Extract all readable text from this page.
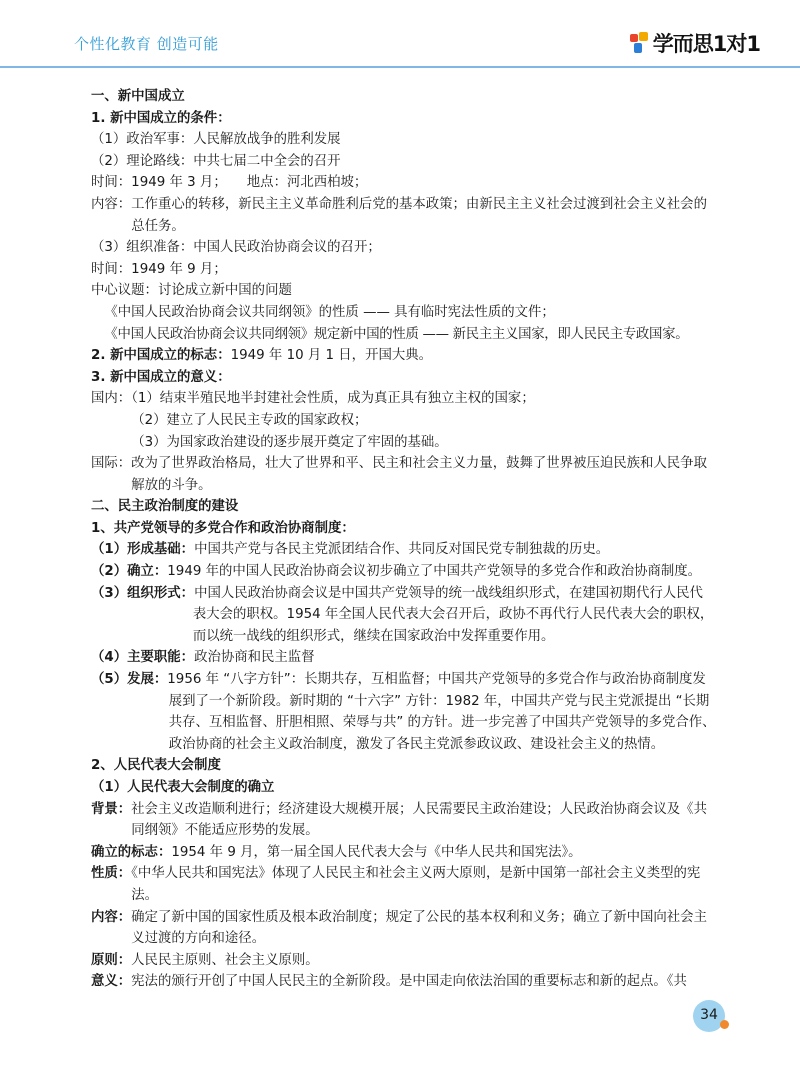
个性化教育 创造可能	学而思1对1

一、新中国成立

1. 新中国成立的条件：

（1）政治军事：人民解放战争的胜利发展

（2）理论路线：中共七届二中全会的召开

时间：1949 年 3 月；　　地点：河北西柏坡；

内容：工作重心的转移，新民主主义革命胜利后党的基本政策；由新民主主义社会过渡到社会主义社会的总任务。

（3）组织准备：中国人民政治协商会议的召开；

时间：1949 年 9 月；

中心议题：讨论成立新中国的问题

《中国人民政治协商会议共同纲领》的性质 —— 具有临时宪法性质的文件；

《中国人民政治协商会议共同纲领》规定新中国的性质 —— 新民主主义国家，即人民民主专政国家。

2. 新中国成立的标志：1949 年 10 月 1 日，开国大典。

3. 新中国成立的意义：

国内：（1）结束半殖民地半封建社会性质，成为真正具有独立主权的国家；

（2）建立了人民民主专政的国家政权；

（3）为国家政治建设的逐步展开奠定了牢固的基础。

国际：改为了世界政治格局，壮大了世界和平、民主和社会主义力量，鼓舞了世界被压迫民族和人民争取解放的斗争。

二、民主政治制度的建设

1、共产党领导的多党合作和政治协商制度：

（1）形成基础：中国共产党与各民主党派团结合作、共同反对国民党专制独裁的历史。

（2）确立：1949 年的中国人民政治协商会议初步确立了中国共产党领导的多党合作和政治协商制度。

（3）组织形式：中国人民政治协商会议是中国共产党领导的统一战线组织形式，在建国初期代行人民代表大会的职权。1954 年全国人民代表大会召开后，政协不再代行人民代表大会的职权，而以统一战线的组织形式，继续在国家政治中发挥重要作用。

（4）主要职能：政治协商和民主监督

（5）发展：1956 年 “八字方针”：长期共存，互相监督；中国共产党领导的多党合作与政治协商制度发展到了一个新阶段。新时期的 “十六字” 方针：1982 年，中国共产党与民主党派提出 “长期共存、互相监督、肝胆相照、荣辱与共” 的方针。进一步完善了中国共产党领导的多党合作、政治协商的社会主义政治制度，激发了各民主党派参政议政、建设社会主义的热情。

2、人民代表大会制度

（1）人民代表大会制度的确立

背景：社会主义改造顺利进行；经济建设大规模开展；人民需要民主政治建设；人民政治协商会议及《共同纲领》不能适应形势的发展。

确立的标志：1954 年 9 月，第一届全国人民代表大会与《中华人民共和国宪法》。

性质：《中华人民共和国宪法》体现了人民民主和社会主义两大原则，是新中国第一部社会主义类型的宪法。

内容：确定了新中国的国家性质及根本政治制度；规定了公民的基本权利和义务；确立了新中国向社会主义过渡的方向和途径。

原则：人民民主原则、社会主义原则。

意义：宪法的颁行开创了中国人民民主的全新阶段。是中国走向依法治国的重要标志和新的起点。《共

34
